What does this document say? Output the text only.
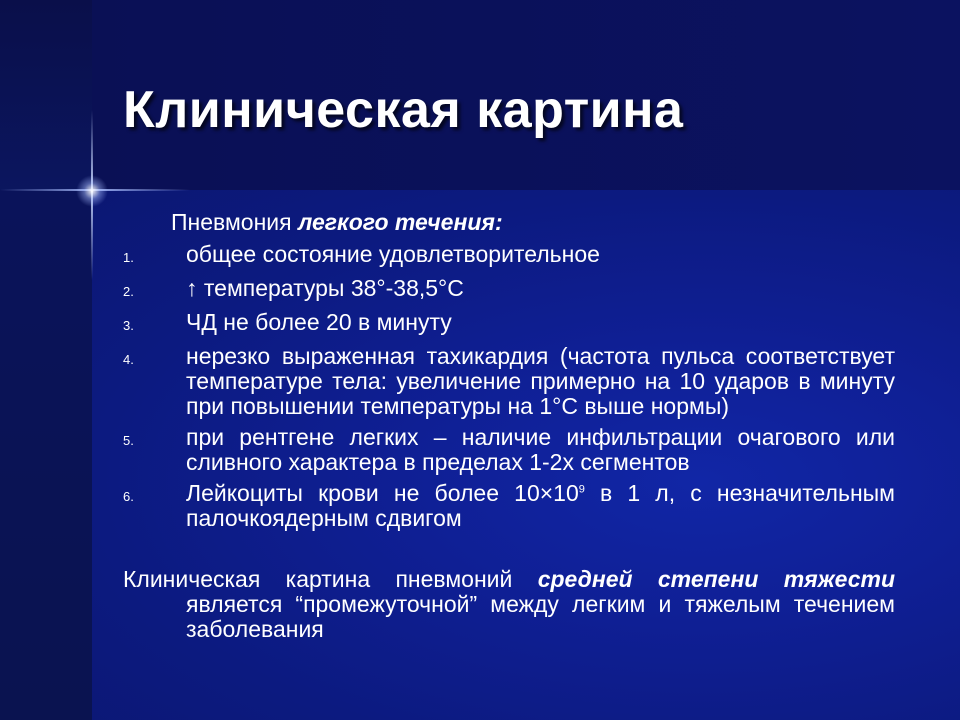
Клиническая картина

Пневмония легкого течения:

1.	общее состояние удовлетворительное
2.	↑ температуры 38°-38,5°С
3.	ЧД не более 20 в минуту
4.	нерезко выраженная тахикардия (частота пульса соответствует температуре тела: увеличение примерно на 10 ударов в минуту при повышении температуры на 1°С выше нормы)
5.	при рентгене легких – наличие инфильтрации очагового или сливного характера в пределах 1-2х сегментов
6.	Лейкоциты крови не более $10\times 10^9$ в 1 л, с незначительным палочкоядерным сдвигом

Клиническая картина пневмоний средней степени тяжести является “промежуточной” между легким и тяжелым течением заболевания
